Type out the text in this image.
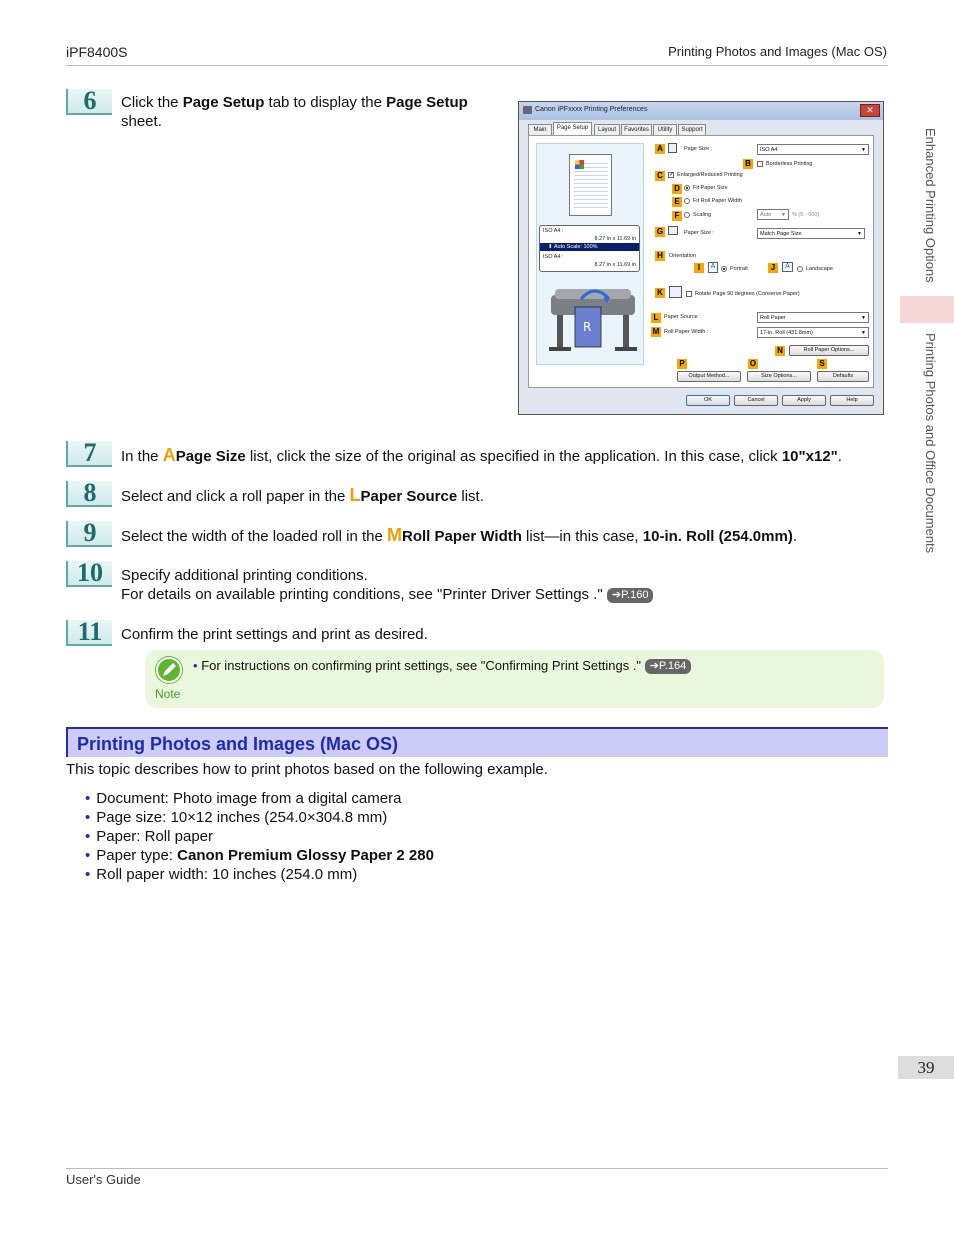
iPF8400S	Printing Photos and Images (Mac OS)
Enhanced Printing Options
Printing Photos and Office Documents
6	Click the Page Setup tab to display the Page Setup sheet.
Canon iPFxxxx Printing Preferences	✕
Main	Page Setup	Layout	Favorites	Utility	Support
ISO A4 :
8.27 in x 11.69 in
⬇ Auto Scale: 100%
ISO A4 :
8.27 in x 11.69 in
R
A	Page Size :	ISO A4 ▼
B	Borderless Printing
C	✓ Enlarged/Reduced Printing
D	Fit Paper Size
E	Fit Roll Paper Width
F	Scaling	Auto ▼	% (5 - 600)
G	Paper Size :	Match Page Size ▼
H	Orientation
I	A	Portrait	J	A	Landscape
K	Rotate Page 90 degrees (Conserve Paper)
L	Paper Source :	Roll Paper ▼
M Roll Paper Width :	17-in. Roll (431.8mm) ▼
N	Roll Paper Options...
P	O	S
Output Method...	Size Options...	Defaults
OK	Cancel	Apply	Help
7	In the APage Size list, click the size of the original as specified in the application. In this case, click 10"x12".
8	Select and click a roll paper in the LPaper Source list.
9	Select the width of the loaded roll in the MRoll Paper Width list—in this case, 10-in. Roll (254.0mm).
10	Specify additional printing conditions.
For details on available printing conditions, see "Printer Driver Settings ." ➔P.160
11	Confirm the print settings and print as desired.
Note
• For instructions on confirming print settings, see "Confirming Print Settings ." ➔P.164
Printing Photos and Images (Mac OS)
This topic describes how to print photos based on the following example.
• Document: Photo image from a digital camera
• Page size: 10×12 inches (254.0×304.8 mm)
• Paper: Roll paper
• Paper type: Canon Premium Glossy Paper 2 280
• Roll paper width: 10 inches (254.0 mm)
39
User's Guide
